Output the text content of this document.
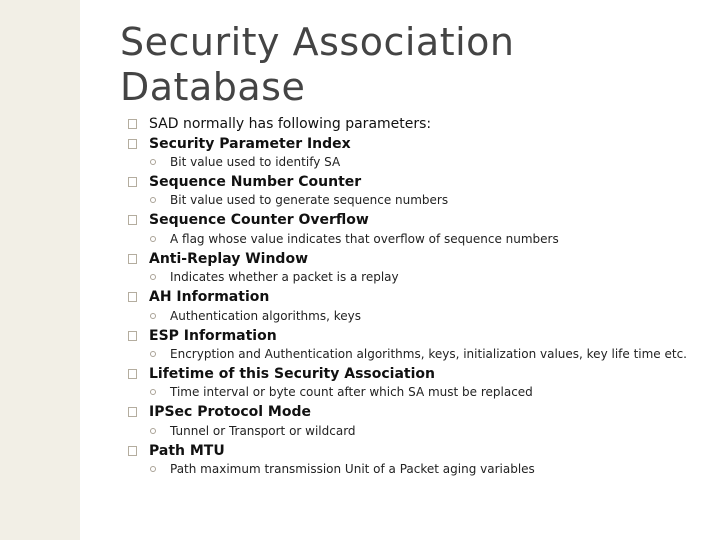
Security Association
Database
SAD normally has following parameters:
Security Parameter Index
Bit value used to identify SA
Sequence Number Counter
Bit value used to generate sequence numbers
Sequence Counter Overflow
A flag whose value indicates that overflow of sequence numbers
Anti-Replay Window
Indicates whether a packet is a replay
AH Information
Authentication algorithms, keys
ESP Information
Encryption and Authentication algorithms, keys, initialization values, key life time etc.
Lifetime of this Security Association
Time interval or byte count after which SA must be replaced
IPSec Protocol Mode
Tunnel or Transport or wildcard
Path MTU
Path maximum transmission Unit of a Packet aging variables
